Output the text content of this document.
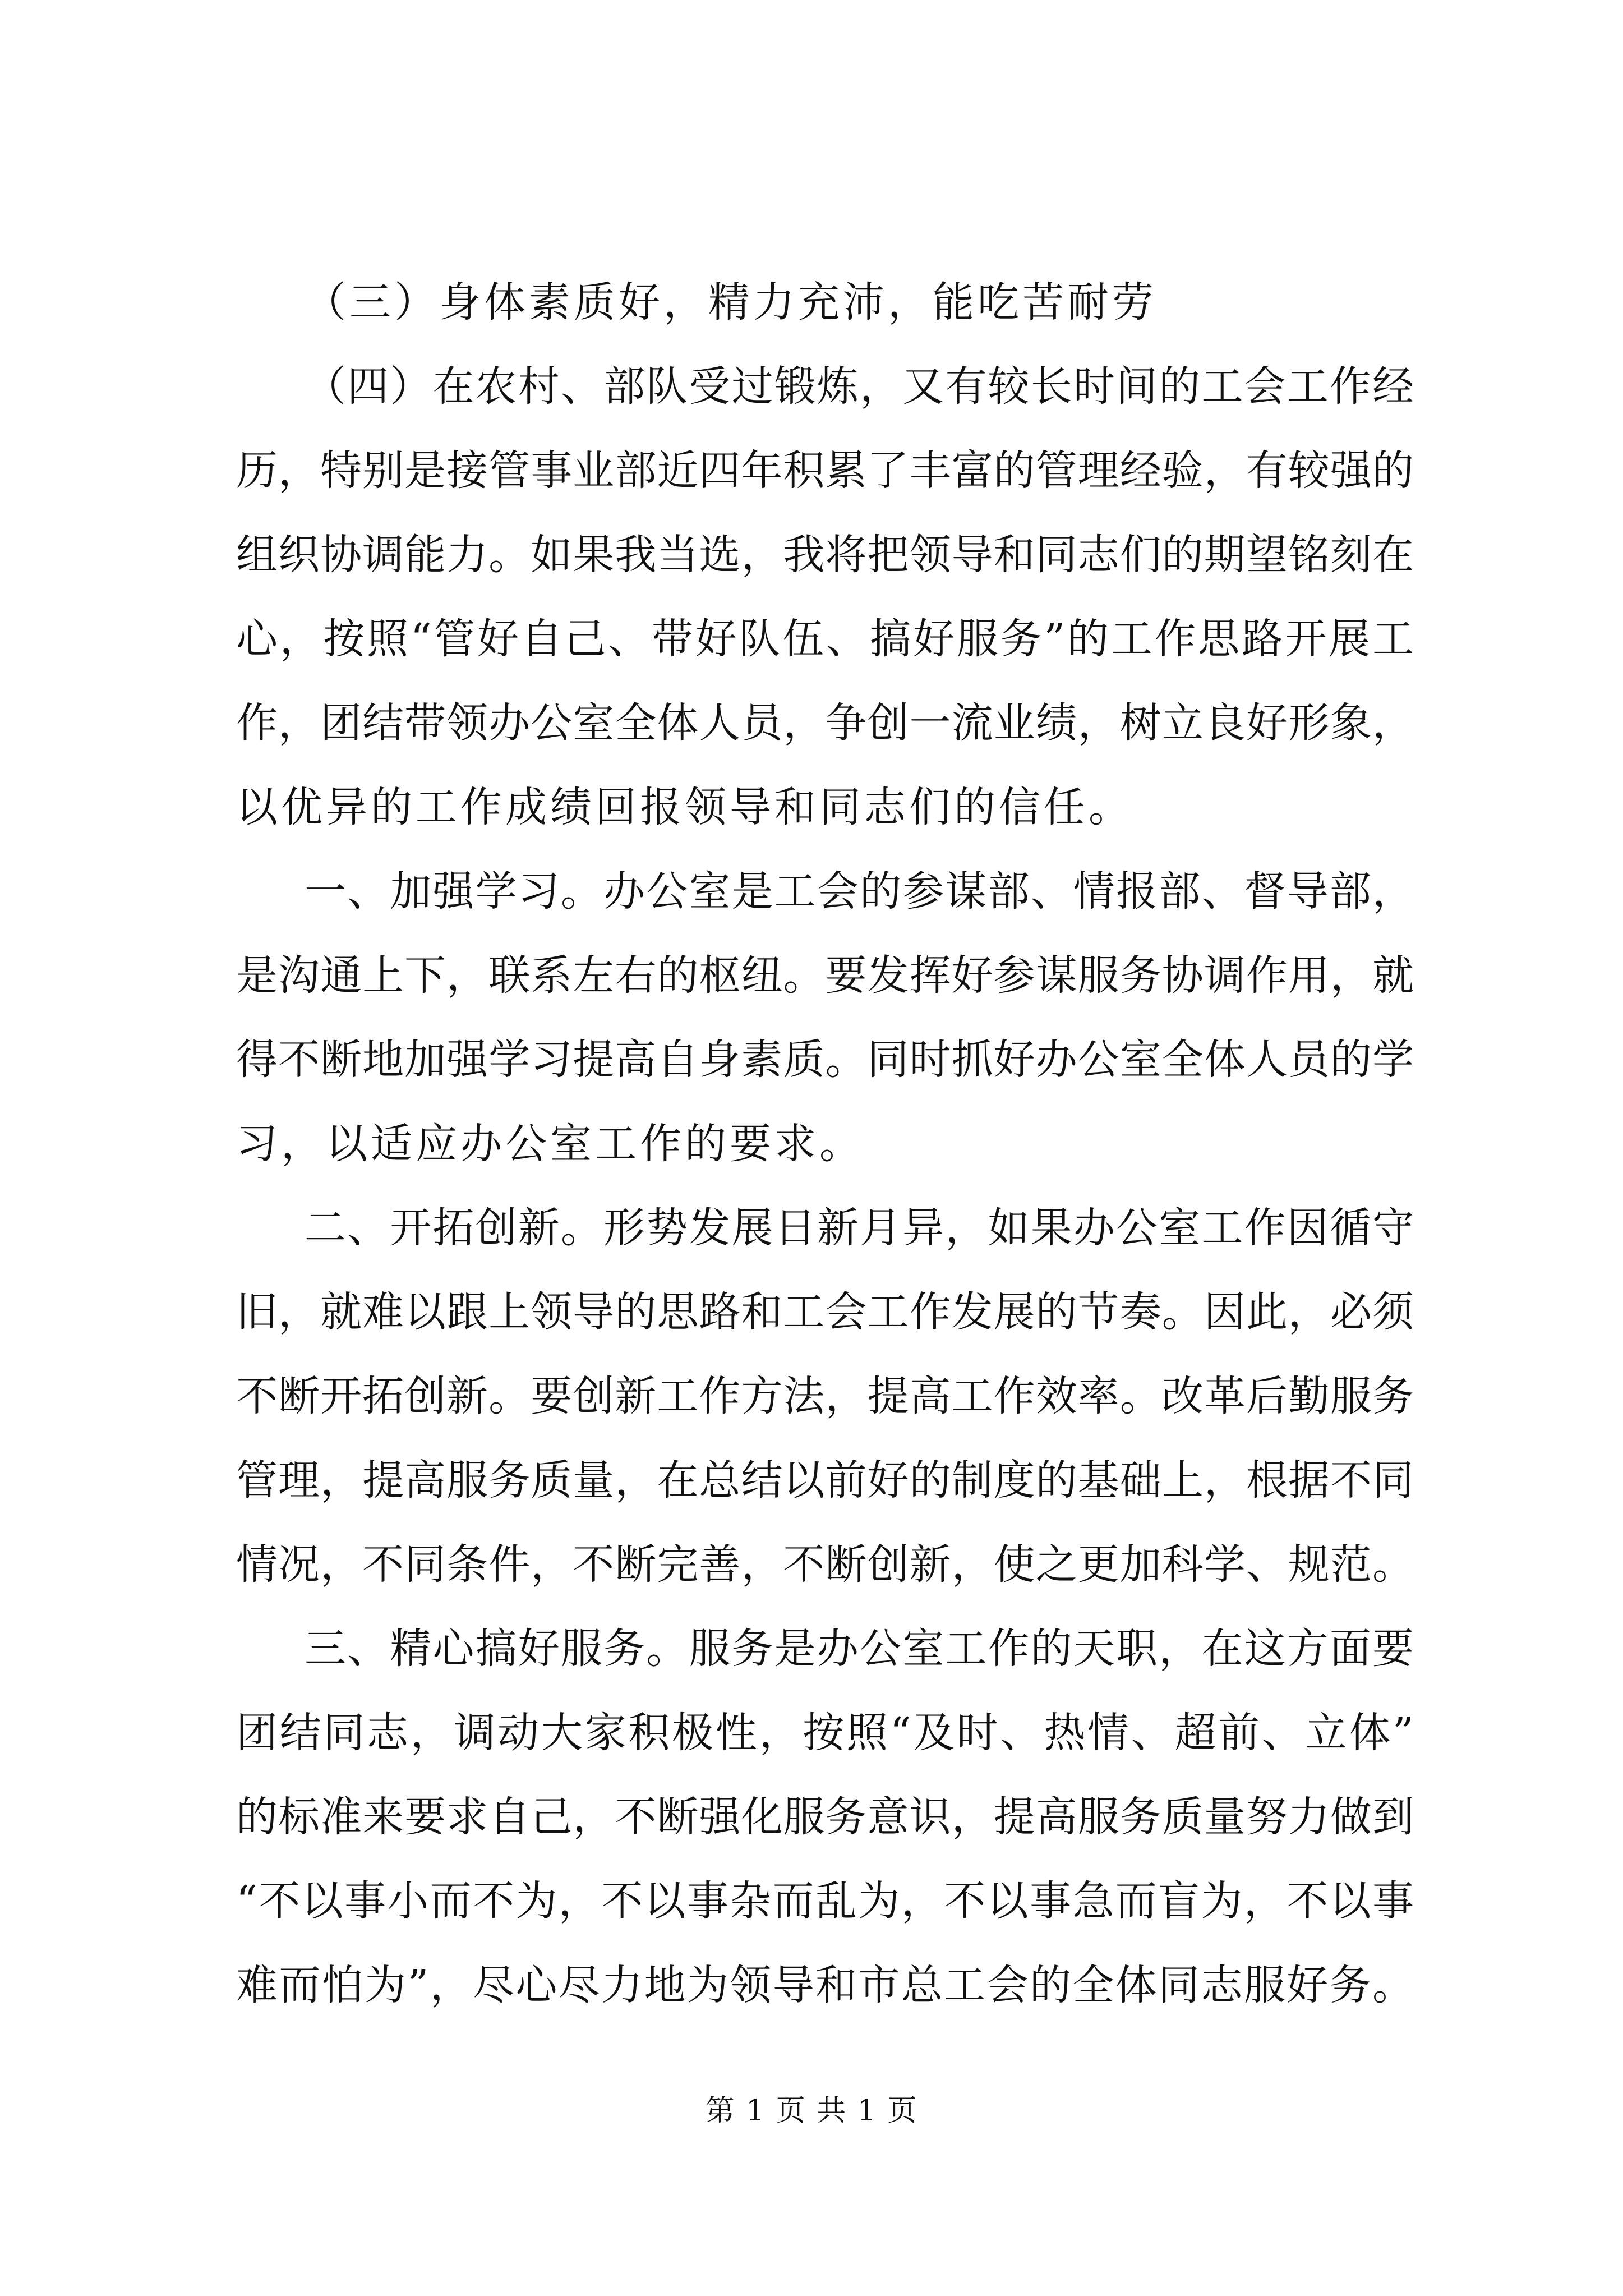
（三）身体素质好，精力充沛，能吃苦耐劳
（四）在农村、部队受过锻炼，又有较长时间的工会工作经
历，特别是接管事业部近四年积累了丰富的管理经验，有较强的
组织协调能力。如果我当选，我将把领导和同志们的期望铭刻在
心，按照“管好自己、带好队伍、搞好服务”的工作思路开展工
作，团结带领办公室全体人员，争创一流业绩，树立良好形象，
以优异的工作成绩回报领导和同志们的信任。
一、加强学习。办公室是工会的参谋部、情报部、督导部，
是沟通上下，联系左右的枢纽。要发挥好参谋服务协调作用，就
得不断地加强学习提高自身素质。同时抓好办公室全体人员的学
习，以适应办公室工作的要求。
二、开拓创新。形势发展日新月异，如果办公室工作因循守
旧，就难以跟上领导的思路和工会工作发展的节奏。因此，必须
不断开拓创新。要创新工作方法，提高工作效率。改革后勤服务
管理，提高服务质量，在总结以前好的制度的基础上，根据不同
情况，不同条件，不断完善，不断创新，使之更加科学、规范。
三、精心搞好服务。服务是办公室工作的天职，在这方面要
团结同志，调动大家积极性，按照“及时、热情、超前、立体”
的标准来要求自己，不断强化服务意识，提高服务质量努力做到
“不以事小而不为，不以事杂而乱为，不以事急而盲为，不以事
难而怕为”，尽心尽力地为领导和市总工会的全体同志服好务。
第 1 页 共 1 页
